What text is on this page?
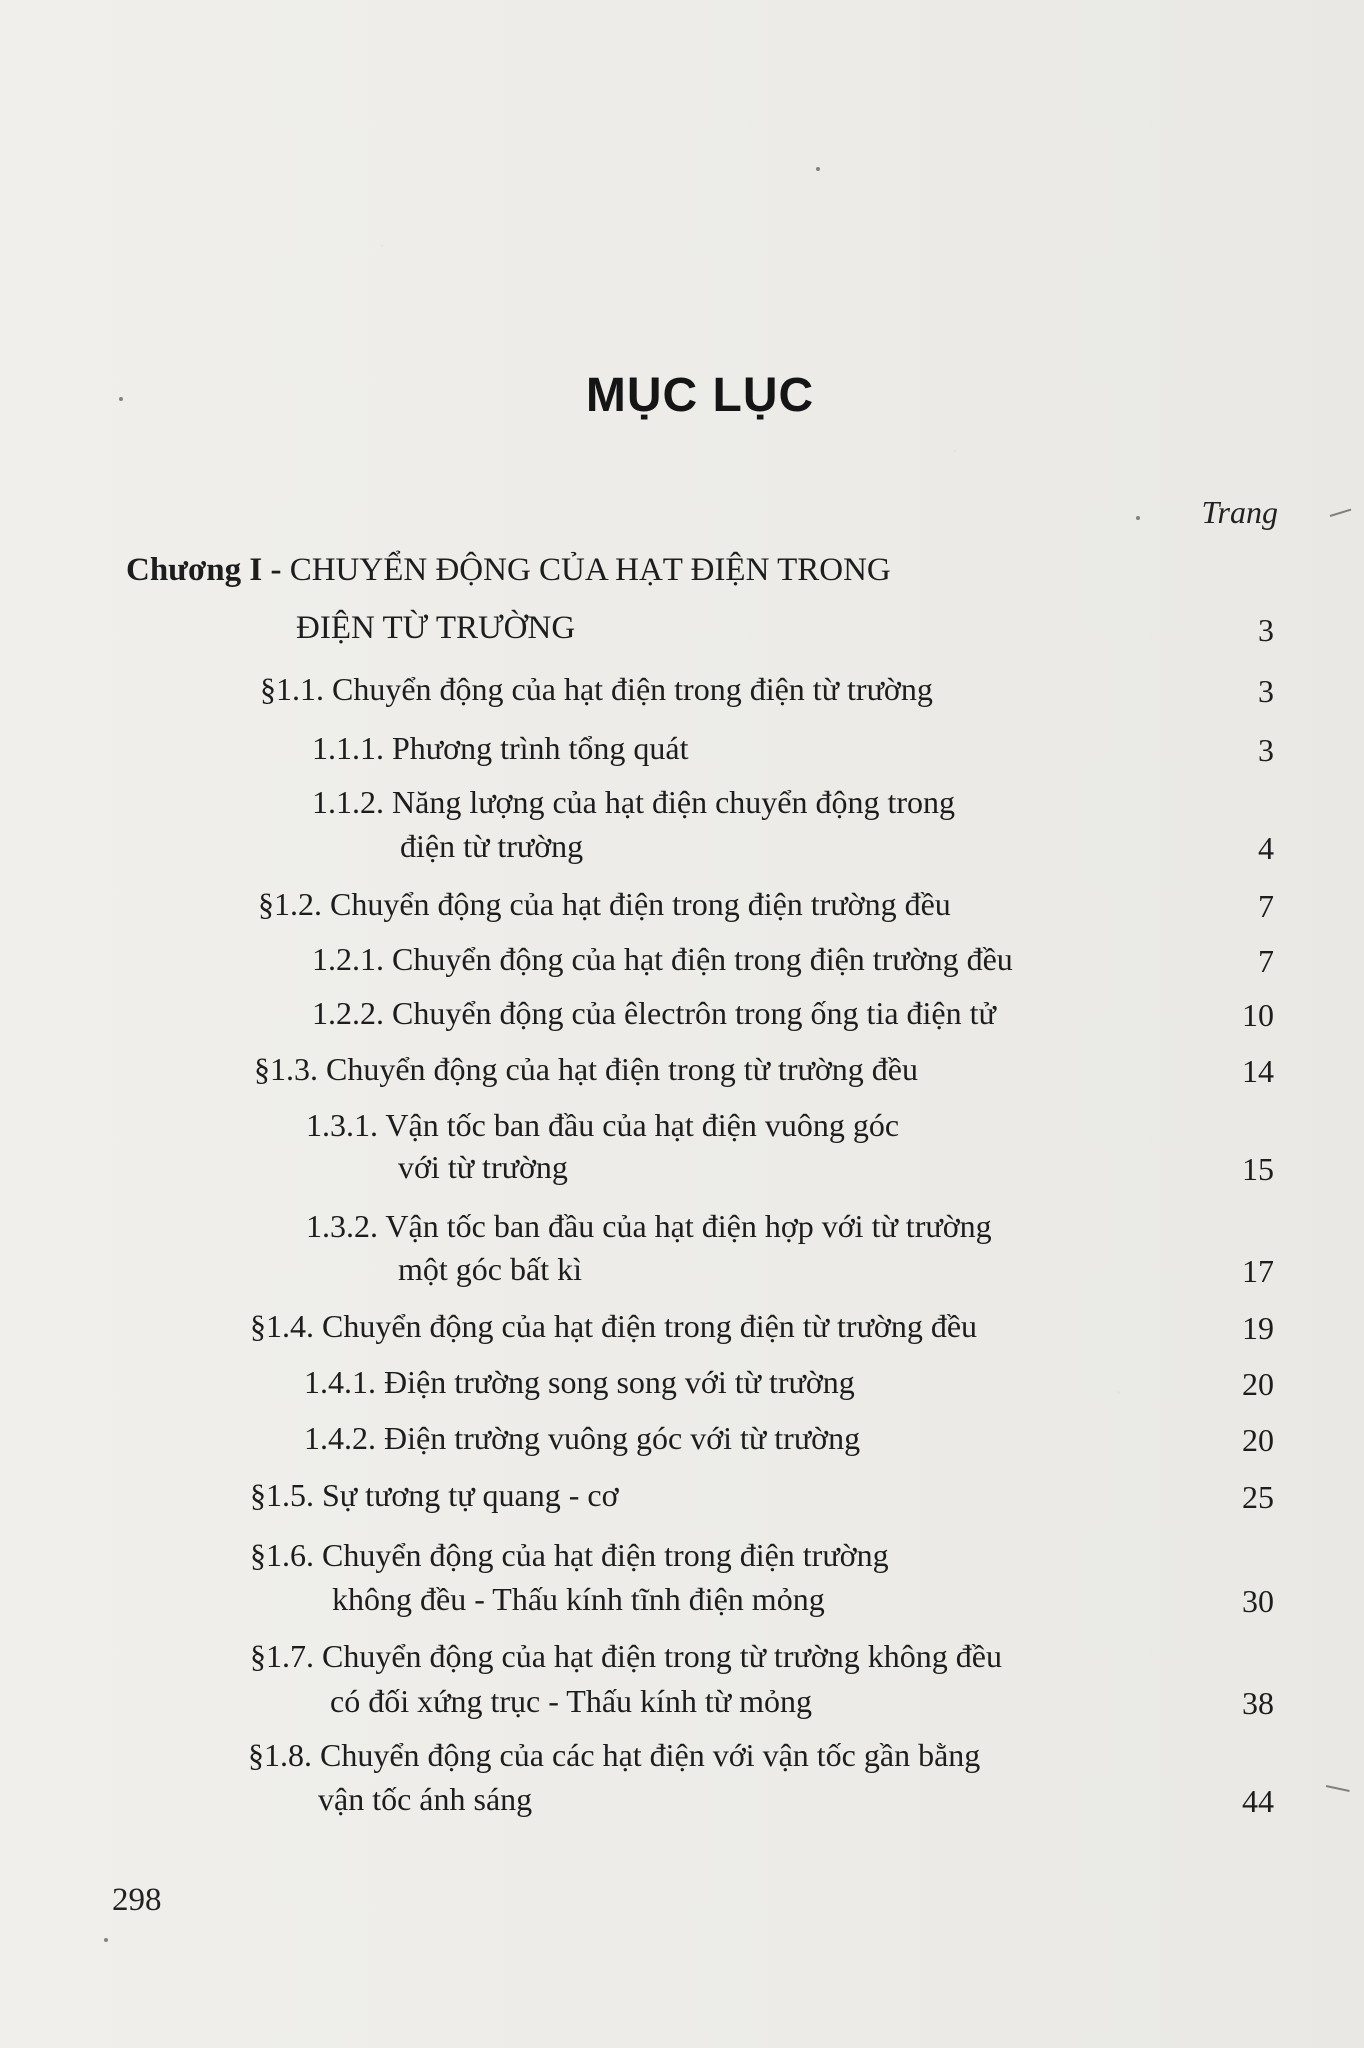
MỤC LỤC
Trang
Chương I - CHUYỂN ĐỘNG CỦA HẠT ĐIỆN TRONG
ĐIỆN TỪ TRƯỜNG	3
§1.1. Chuyển động của hạt điện trong điện từ trường	3
1.1.1. Phương trình tổng quát	3
1.1.2. Năng lượng của hạt điện chuyển động trong
điện từ trường	4
§1.2. Chuyển động của hạt điện trong điện trường đều	7
1.2.1. Chuyển động của hạt điện trong điện trường đều	7
1.2.2. Chuyển động của êlectrôn trong ống tia điện tử	10
§1.3. Chuyển động của hạt điện trong từ trường đều	14
1.3.1. Vận tốc ban đầu của hạt điện vuông góc
với từ trường	15
1.3.2. Vận tốc ban đầu của hạt điện hợp với từ trường
một góc bất kì	17
§1.4. Chuyển động của hạt điện trong điện từ trường đều	19
1.4.1. Điện trường song song với từ trường	20
1.4.2. Điện trường vuông góc với từ trường	20
§1.5. Sự tương tự quang - cơ	25
§1.6. Chuyển động của hạt điện trong điện trường
không đều - Thấu kính tĩnh điện mỏng	30
§1.7. Chuyển động của hạt điện trong từ trường không đều
có đối xứng trục - Thấu kính từ mỏng	38
§1.8. Chuyển động của các hạt điện với vận tốc gần bằng
vận tốc ánh sáng	44
298
